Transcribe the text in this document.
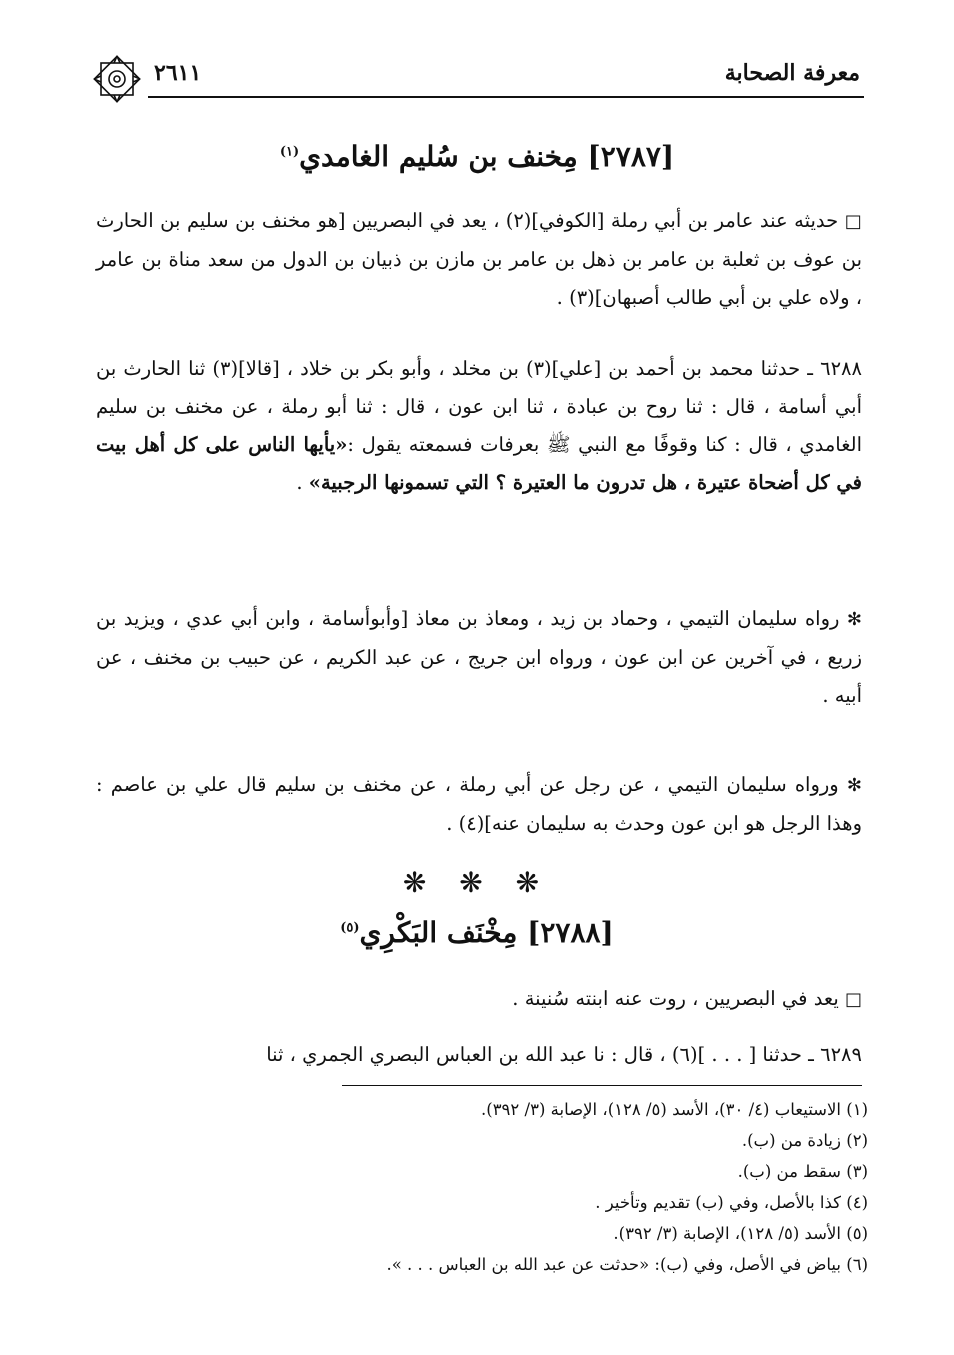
معرفة الصحابة
٢٦١١
[٢٧٨٧] مِخنف بن سُليم الغامدي$^{(١)}$
□ حديثه عند عامر بن أبي رملة [الكوفي](٢) ، يعد في البصريين [هو مخنف بن سليم بن الحارث بن عوف بن ثعلبة بن عامر بن ذهل بن عامر بن مازن بن ذبيان بن الدول من سعد مناة بن عامر ، ولاه علي بن أبي طالب أصبهان](٣) .
٦٢٨٨ ـ حدثنا محمد بن أحمد بن [علي](٣) بن مخلد ، وأبو بكر بن خلاد ، [قالا](٣) ثنا الحارث بن أبي أسامة ، قال : ثنا روح بن عبادة ، ثنا ابن عون ، قال : ثنا أبو رملة ، عن مخنف بن سليم الغامدي ، قال : كنا وقوفًا مع النبي ﷺ بعرفات فسمعته يقول :«يأيها الناس على كل أهل بيت في كل أضحاة عتيرة ، هل تدرون ما العتيرة ؟ التي تسمونها الرجبية» .
✻ رواه سليمان التيمي ، وحماد بن زيد ، ومعاذ بن معاذ [وأبوأسامة ، وابن أبي عدي ، ويزيد بن زريع ، في آخرين عن ابن عون ، ورواه ابن جريج ، عن عبد الكريم ، عن حبيب بن مخنف ، عن أبيه .
✻ ورواه سليمان التيمي ، عن رجل عن أبي رملة ، عن مخنف بن سليم قال علي بن عاصم : وهذا الرجل هو ابن عون وحدث به سليمان عنه](٤) .
❋ ❋ ❋
[٢٧٨٨] مِخْنَف البَكْرِي$^{(٥)}$
□ يعد في البصريين ، روت عنه ابنته سُنينة .
٦٢٨٩ ـ حدثنا [ . . . ](٦) ، قال : نا عبد الله بن العباس البصري الجمري ، ثنا
(١) الاستيعاب (٤/ ٣٠)، الأسد (٥/ ١٢٨)، الإصابة (٣/ ٣٩٢).
(٢) زيادة من (ب).
(٣) سقط من (ب).
(٤) كذا بالأصل، وفي (ب) تقديم وتأخير .
(٥) الأسد (٥/ ١٢٨)، الإصابة (٣/ ٣٩٢).
(٦) بياض في الأصل، وفي (ب): «حدثت عن عبد الله بن العباس . . . ».
